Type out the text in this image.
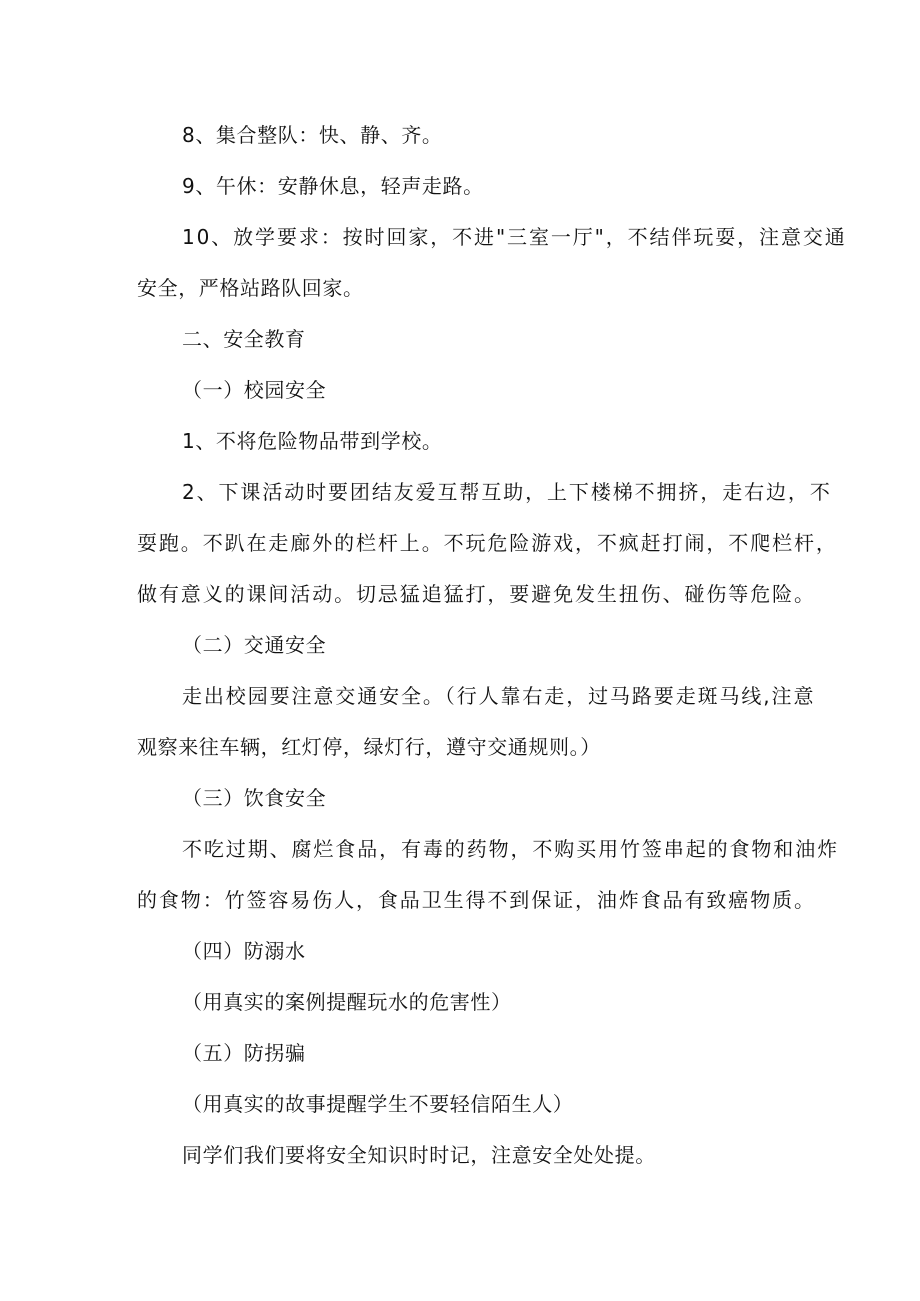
8、集合整队：快、静、齐。

9、午休：安静休息，轻声走路。

10、放学要求：按时回家，不进"三室一厅"，不结伴玩耍，注意交通

安全，严格站路队回家。

二、安全教育

（一）校园安全

1、不将危险物品带到学校。

2、下课活动时要团结友爱互帮互助，上下楼梯不拥挤，走右边，不

耍跑。不趴在走廊外的栏杆上。不玩危险游戏，不疯赶打闹，不爬栏杆，

做有意义的课间活动。切忌猛追猛打，要避免发生扭伤、碰伤等危险。

（二）交通安全

走出校园要注意交通安全。（行人靠右走，过马路要走斑马线,注意

观察来往车辆，红灯停，绿灯行，遵守交通规则。）

（三）饮食安全

不吃过期、腐烂食品，有毒的药物，不购买用竹签串起的食物和油炸

的食物：竹签容易伤人，食品卫生得不到保证，油炸食品有致癌物质。

（四）防溺水

（用真实的案例提醒玩水的危害性）

（五）防拐骗

（用真实的故事提醒学生不要轻信陌生人）

同学们我们要将安全知识时时记，注意安全处处提。
